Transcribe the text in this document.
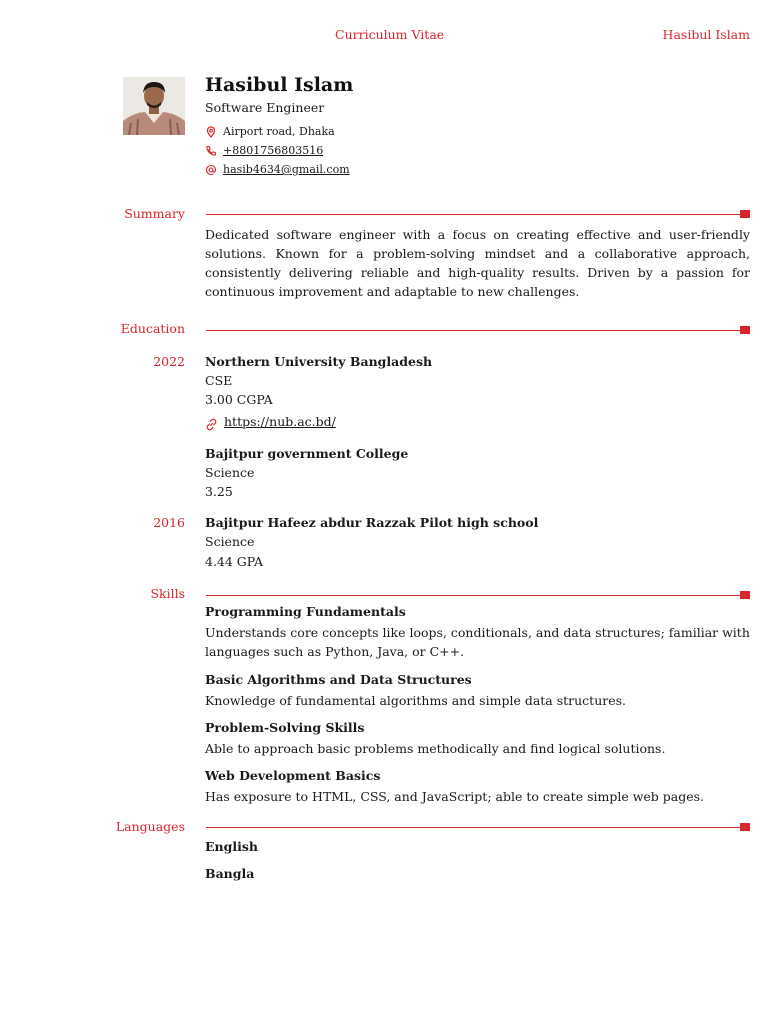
Curriculum Vitae	Hasibul Islam
Hasibul Islam
Software Engineer
Airport road, Dhaka
+8801756803516
hasib4634@gmail.com
Summary
Dedicated software engineer with a focus on creating effective and user-friendly solutions. Known for a problem-solving mindset and a collaborative approach, consistently delivering reliable and high-quality results. Driven by a passion for continuous improvement and adaptable to new challenges.
Education
2022 Northern University Bangladesh
CSE
3.00 CGPA
https://nub.ac.bd/
Bajitpur government College
Science
3.25
2016 Bajitpur Hafeez abdur Razzak Pilot high school
Science
4.44 GPA
Skills
Programming Fundamentals
Understands core concepts like loops, conditionals, and data structures; familiar with languages such as Python, Java, or C++.
Basic Algorithms and Data Structures
Knowledge of fundamental algorithms and simple data structures.
Problem-Solving Skills
Able to approach basic problems methodically and find logical solutions.
Web Development Basics
Has exposure to HTML, CSS, and JavaScript; able to create simple web pages.
Languages
English
Bangla
